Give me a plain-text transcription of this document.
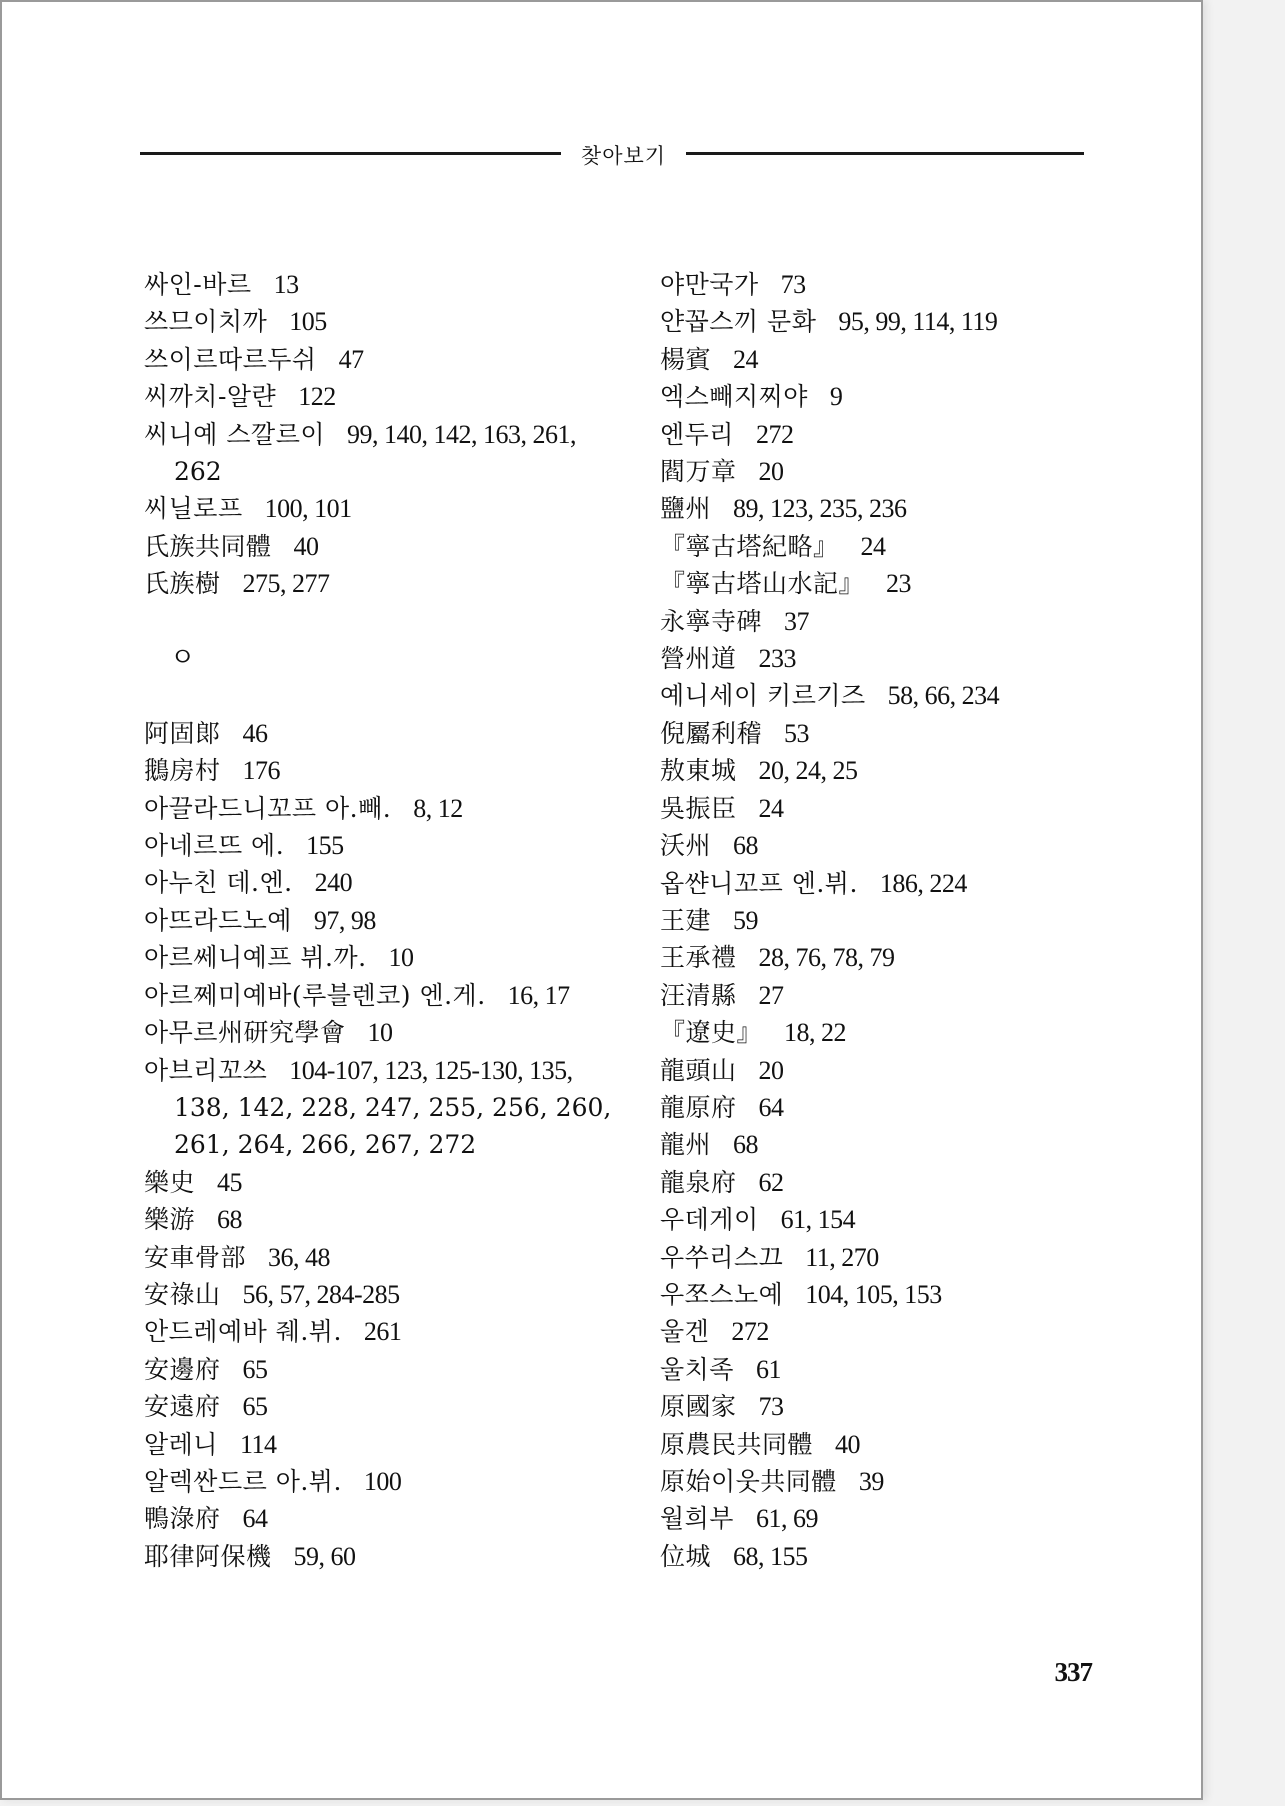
찾아보기
싸인-바르 13
쓰므이치까 105
쓰이르따르두쉬 47
씨까치-알랸 122
씨니예 스깔르이 99, 140, 142, 163, 261,
262
씨닐로프 100, 101
氏族共同體 40
氏族樹 275, 277
ㅇ
阿固郞 46
鵝房村 176
아끌라드니꼬프 아.빼. 8, 12
아네르뜨 에. 155
아누친 데.엔. 240
아뜨라드노예 97, 98
아르쎄니예프 뷔.까. 10
아르쩨미예바(루블렌코) 엔.게. 16, 17
아무르州研究學會 10
아브리꼬쓰 104-107, 123, 125-130, 135,
138, 142, 228, 247, 255, 256, 260,
261, 264, 266, 267, 272
樂史 45
樂游 68
安車骨部 36, 48
安祿山 56, 57, 284-285
안드레예바 줴.뷔. 261
安邊府 65
安遠府 65
알레니 114
알렉싼드르 아.뷔. 100
鴨淥府 64
耶律阿保機 59, 60
야만국가 73
얀꼽스끼 문화 95, 99, 114, 119
楊賓 24
엑스빼지찌야 9
엔두리 272
閻万章 20
鹽州 89, 123, 235, 236
『寧古塔紀略』 24
『寧古塔山水記』 23
永寧寺碑 37
營州道 233
예니세이 키르기즈 58, 66, 234
倪屬利稽 53
敖東城 20, 24, 25
吳振臣 24
沃州 68
옵쌴니꼬프 엔.뷔. 186, 224
王建 59
王承禮 28, 76, 78, 79
汪清縣 27
『遼史』 18, 22
龍頭山 20
龍原府 64
龍州 68
龍泉府 62
우데게이 61, 154
우쑤리스끄 11, 270
우쪼스노예 104, 105, 153
울겐 272
울치족 61
原國家 73
原農民共同體 40
原始이웃共同體 39
월희부 61, 69
位城 68, 155
337
